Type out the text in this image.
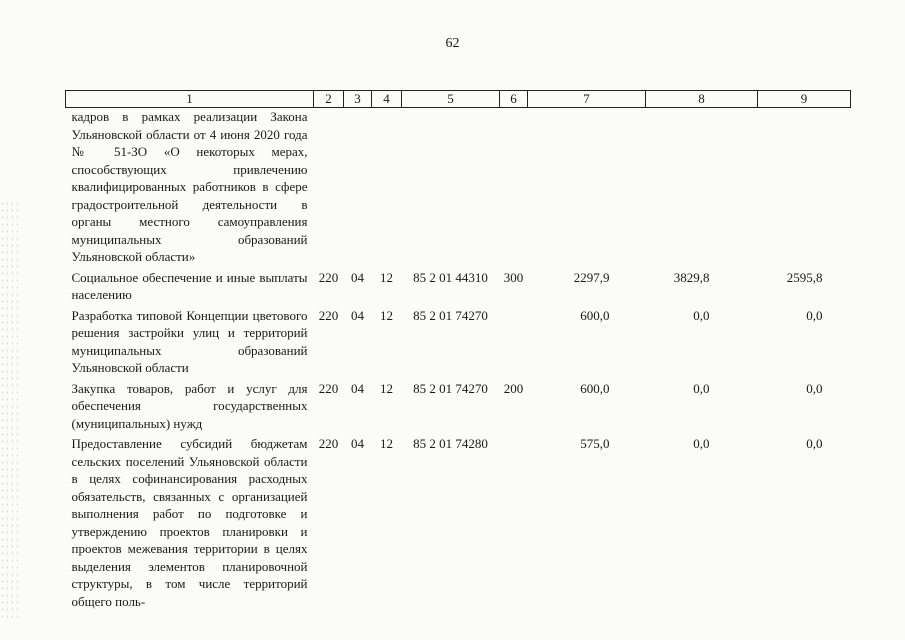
62
1	2	3	4	5	6	7	8	9
кадров в рамках реализации Закона Ульяновской области от 4 июня 2020 года № 51-ЗО «О некоторых мерах, способствующих привлечению квалифицированных работников в сфере градостроительной деятельности в органы местного самоуправления муниципальных образований Ульяновской области»								
Социальное обеспечение и иные выплаты населению	220	04	12	85 2 01 44310	300	2297,9	3829,8	2595,8
Разработка типовой Концепции цветового решения застройки улиц и территорий муниципальных образований Ульяновской области	220	04	12	85 2 01 74270		600,0	0,0	0,0
Закупка товаров, работ и услуг для обеспечения государственных (муниципальных) нужд	220	04	12	85 2 01 74270	200	600,0	0,0	0,0
Предоставление субсидий бюджетам сельских поселений Ульяновской области в целях софинансирования расходных обязательств, связанных с организацией выполнения работ по подготовке и утверждению проектов планировки и проектов межевания территории в целях выделения элементов планировочной структуры, в том числе территорий общего поль-	220	04	12	85 2 01 74280		575,0	0,0	0,0
